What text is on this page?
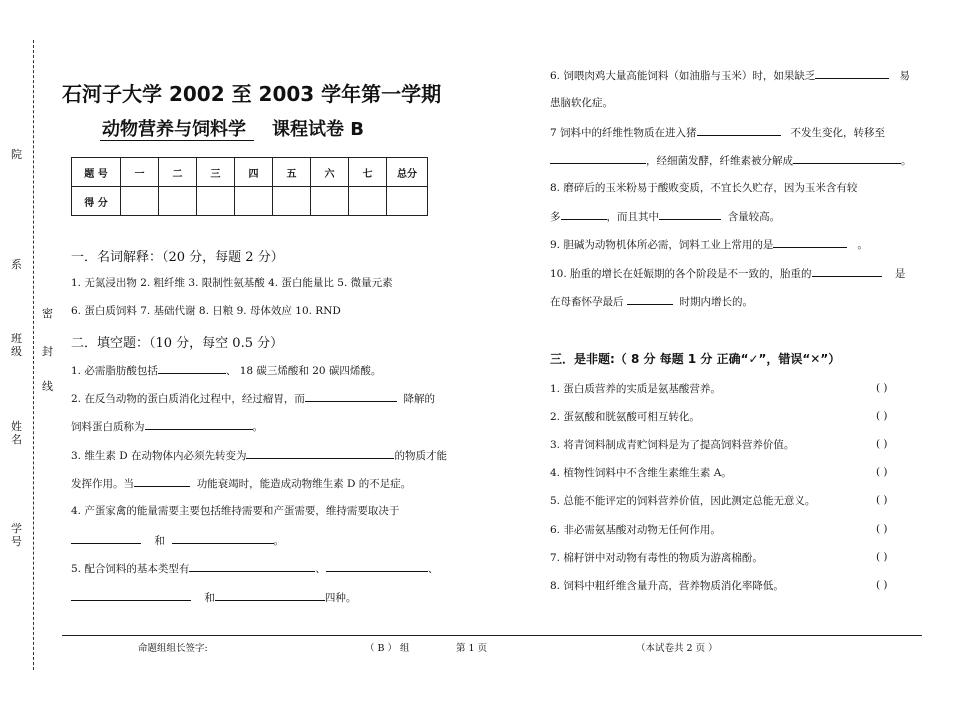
院
系
班级
姓名
学号
密
封
线
石河子大学 2002 至 2003 学年第一学期
动物营养与饲料学 课程试卷 B
题 号	一	二	三	四	五	六	七	总分
得 分								
一．名词解释：（20 分，每题 2 分）
1. 无氮浸出物 2. 粗纤维 3. 限制性氨基酸 4. 蛋白能量比 5. 微量元素
6. 蛋白质饲料 7. 基础代谢 8. 日粮 9. 母体效应 10. RND
二．填空题：（10 分，每空 0.5 分）
1. 必需脂肪酸包括	、 18 碳三烯酸和 20 碳四烯酸。
2. 在反刍动物的蛋白质消化过程中，经过瘤胃，而	降解的
饲料蛋白质称为	。
3. 维生素 D 在动物体内必须先转变为	的物质才能
发挥作用。当	功能衰竭时，能造成动物维生素 D 的不足症。
4. 产蛋家禽的能量需要主要包括维持需要和产蛋需要，维持需要取决于
和	。
5. 配合饲料的基本类型有	、	、
和	四种。
6. 饲喂肉鸡大量高能饲料（如油脂与玉米）时，如果缺乏	易
患脑软化症。
7 饲料中的纤维性物质在进入猪	不发生变化，转移至
，经细菌发酵，纤维素被分解成	。
8. 磨碎后的玉米粉易于酸败变质，不宜长久贮存，因为玉米含有较
多	，而且其中	含量较高。
9. 胆碱为动物机体所必需，饲料工业上常用的是	。
10. 胎重的增长在妊娠期的各个阶段是不一致的，胎重的	是
在母畜怀孕最后	时期内增长的。
三．是非题:（ 8 分 每题 1 分 正确“✓”，错误“✕”）
1. 蛋白质营养的实质是氨基酸营养。	( )
2. 蛋氨酸和胱氨酸可相互转化。	( )
3. 将青饲料制成青贮饲料是为了提高饲料营养价值。	( )
4. 植物性饲料中不含维生素维生素 A。	( )
5. 总能不能评定的饲料营养价值，因此测定总能无意义。	( )
6. 非必需氨基酸对动物无任何作用。	( )
7. 棉籽饼中对动物有毒性的物质为游离棉酚。	( )
8. 饲料中粗纤维含量升高，营养物质消化率降低。	( )
命题组组长签字:	（ B ） 组	第 1 页	（本试卷共 2 页 ）
